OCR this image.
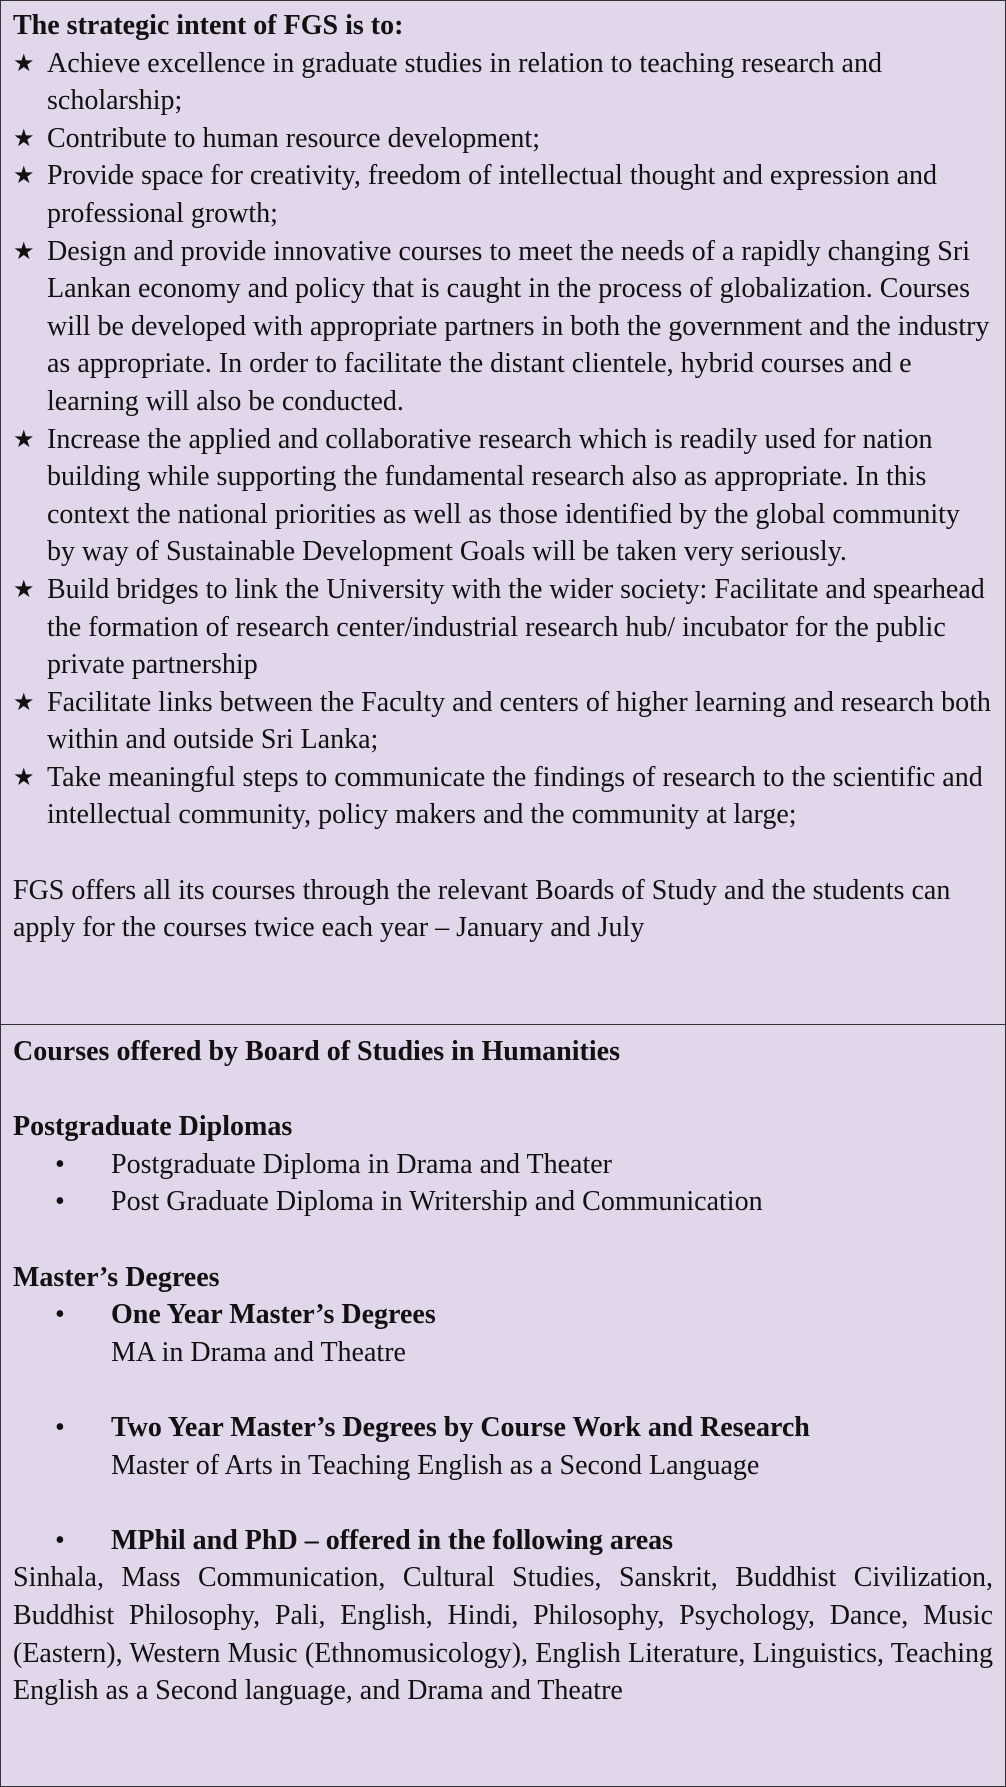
The strategic intent of FGS is to:
★ Achieve excellence in graduate studies in relation to teaching research and scholarship;
★ Contribute to human resource development;
★ Provide space for creativity, freedom of intellectual thought and expression and professional growth;
★ Design and provide innovative courses to meet the needs of a rapidly changing Sri Lankan economy and policy that is caught in the process of globalization. Courses will be developed with appropriate partners in both the government and the industry as appropriate. In order to facilitate the distant clientele, hybrid courses and e learning will also be conducted.
★ Increase the applied and collaborative research which is readily used for nation building while supporting the fundamental research also as appropriate. In this context the national priorities as well as those identified by the global community by way of Sustainable Development Goals will be taken very seriously.
★ Build bridges to link the University with the wider society: Facilitate and spearhead the formation of research center/industrial research hub/ incubator for the public private partnership
★ Facilitate links between the Faculty and centers of higher learning and research both within and outside Sri Lanka;
★ Take meaningful steps to communicate the findings of research to the scientific and intellectual community, policy makers and the community at large;
FGS offers all its courses through the relevant Boards of Study and the students can apply for the courses twice each year – January and July
Courses offered by Board of Studies in Humanities
Postgraduate Diplomas
• Postgraduate Diploma in Drama and Theater
• Post Graduate Diploma in Writership and Communication
Master’s Degrees
• One Year Master’s Degrees
MA in Drama and Theatre
• Two Year Master’s Degrees by Course Work and Research
Master of Arts in Teaching English as a Second Language
• MPhil and PhD – offered in the following areas
Sinhala, Mass Communication, Cultural Studies, Sanskrit, Buddhist Civilization, Buddhist Philosophy, Pali, English, Hindi, Philosophy, Psychology, Dance, Music (Eastern), Western Music (Ethnomusicology), English Literature, Linguistics, Teaching English as a Second language, and Drama and Theatre
